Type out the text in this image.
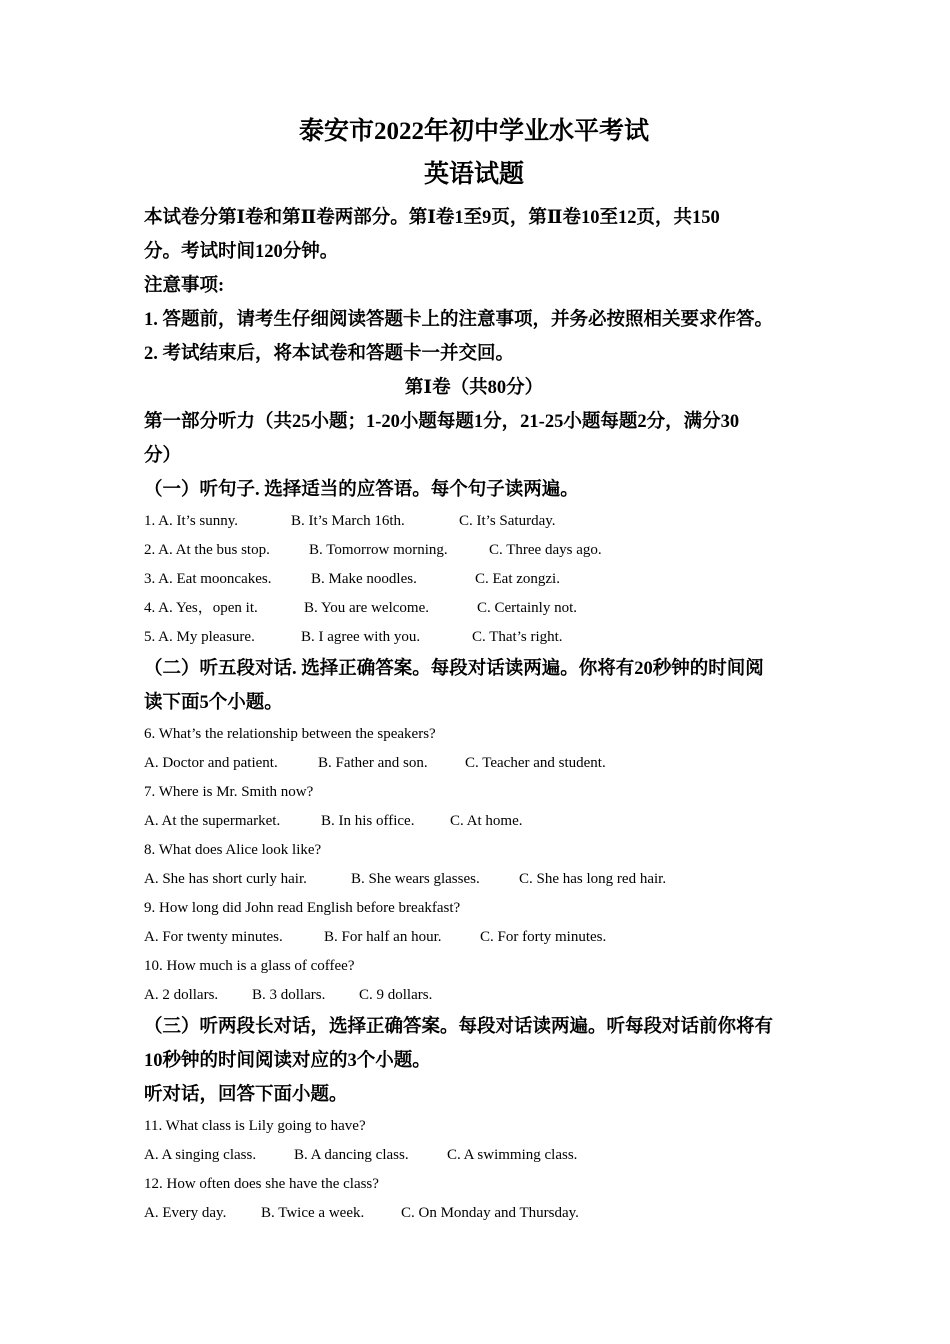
泰安市2022年初中学业水平考试

英语试题

本试卷分第Ⅰ卷和第Ⅱ卷两部分。第Ⅰ卷1至9页，第Ⅱ卷10至12页，共150

分。考试时间120分钟。

注意事项:

1. 答题前，请考生仔细阅读答题卡上的注意事项，并务必按照相关要求作答。

2. 考试结束后，将本试卷和答题卡一并交回。

第Ⅰ卷（共80分）

第一部分听力（共25小题；1-20小题每题1分，21-25小题每题2分，满分30

分）

（一）听句子. 选择适当的应答语。每个句子读两遍。

1. A. It’s sunny.	B. It’s March 16th.	C. It’s Saturday.

2. A. At the bus stop.	B. Tomorrow morning.	C. Three days ago.

3. A. Eat mooncakes.	B. Make noodles.	C. Eat zongzi.

4. A. Yes，open it.	B. You are welcome.	C. Certainly not.

5. A. My pleasure.	B. I agree with you.	C. That’s right.

（二）听五段对话. 选择正确答案。每段对话读两遍。你将有20秒钟的时间阅

读下面5个小题。

6. What’s the relationship between the speakers?

A. Doctor and patient.	B. Father and son. C. Teacher and student.

7. Where is Mr. Smith now?

A. At the supermarket.	B. In his office. C. At home.

8. What does Alice look like?

A. She has short curly hair.	B. She wears glasses.	C. She has long red hair.

9. How long did John read English before breakfast?

A. For twenty minutes.	B. For half an hour.	C. For forty minutes.

10. How much is a glass of coffee?

A. 2 dollars. B. 3 dollars. C. 9 dollars.

（三）听两段长对话，选择正确答案。每段对话读两遍。听每段对话前你将有

10秒钟的时间阅读对应的3个小题。

听对话，回答下面小题。

11. What class is Lily going to have?

A. A singing class.	B. A dancing class.	C. A swimming class.

12. How often does she have the class?

A. Every day. B. Twice a week. C. On Monday and Thursday.
